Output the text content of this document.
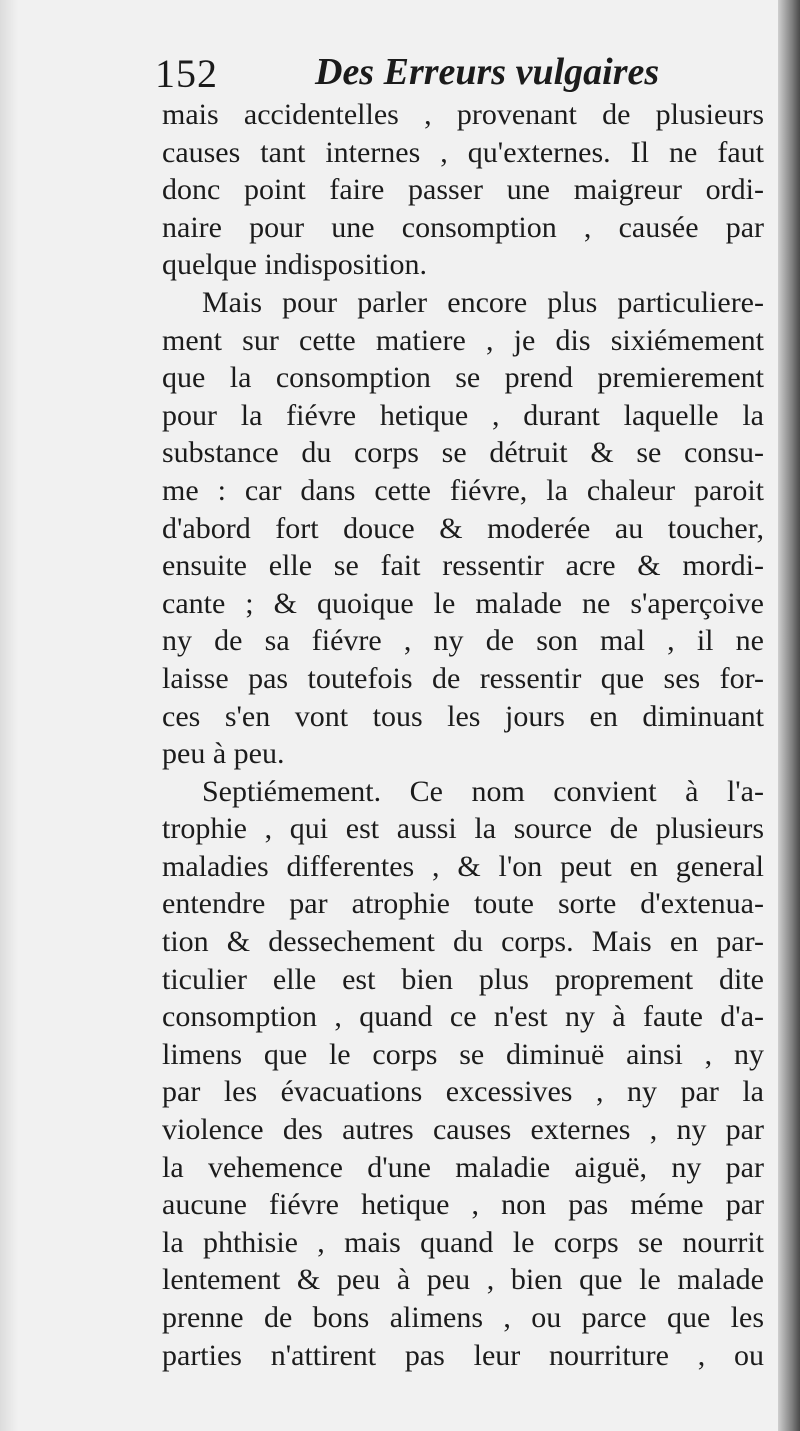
152	Des Erreurs vulgaires
mais accidentelles , provenant de plusieurs
causes tant internes , qu'externes. Il ne faut
donc point faire passer une maigreur ordi-
naire pour une consomption , causée par
quelque indisposition.
Mais pour parler encore plus particuliere-
ment sur cette matiere , je dis sixiémement
que la consomption se prend premierement
pour la fiévre hetique , durant laquelle la
substance du corps se détruit & se consu-
me : car dans cette fiévre, la chaleur paroit
d'abord fort douce & moderée au toucher,
ensuite elle se fait ressentir acre & mordi-
cante ; & quoique le malade ne s'aperçoive
ny de sa fiévre , ny de son mal , il ne
laisse pas toutefois de ressentir que ses for-
ces s'en vont tous les jours en diminuant
peu à peu.
Septiémement. Ce nom convient à l'a-
trophie , qui est aussi la source de plusieurs
maladies differentes , & l'on peut en general
entendre par atrophie toute sorte d'extenua-
tion & dessechement du corps. Mais en par-
ticulier elle est bien plus proprement dite
consomption , quand ce n'est ny à faute d'a-
limens que le corps se diminuë ainsi , ny
par les évacuations excessives , ny par la
violence des autres causes externes , ny par
la vehemence d'une maladie aiguë, ny par
aucune fiévre hetique , non pas méme par
la phthisie , mais quand le corps se nourrit
lentement & peu à peu , bien que le malade
prenne de bons alimens , ou parce que les
parties n'attirent pas leur nourriture , ou
